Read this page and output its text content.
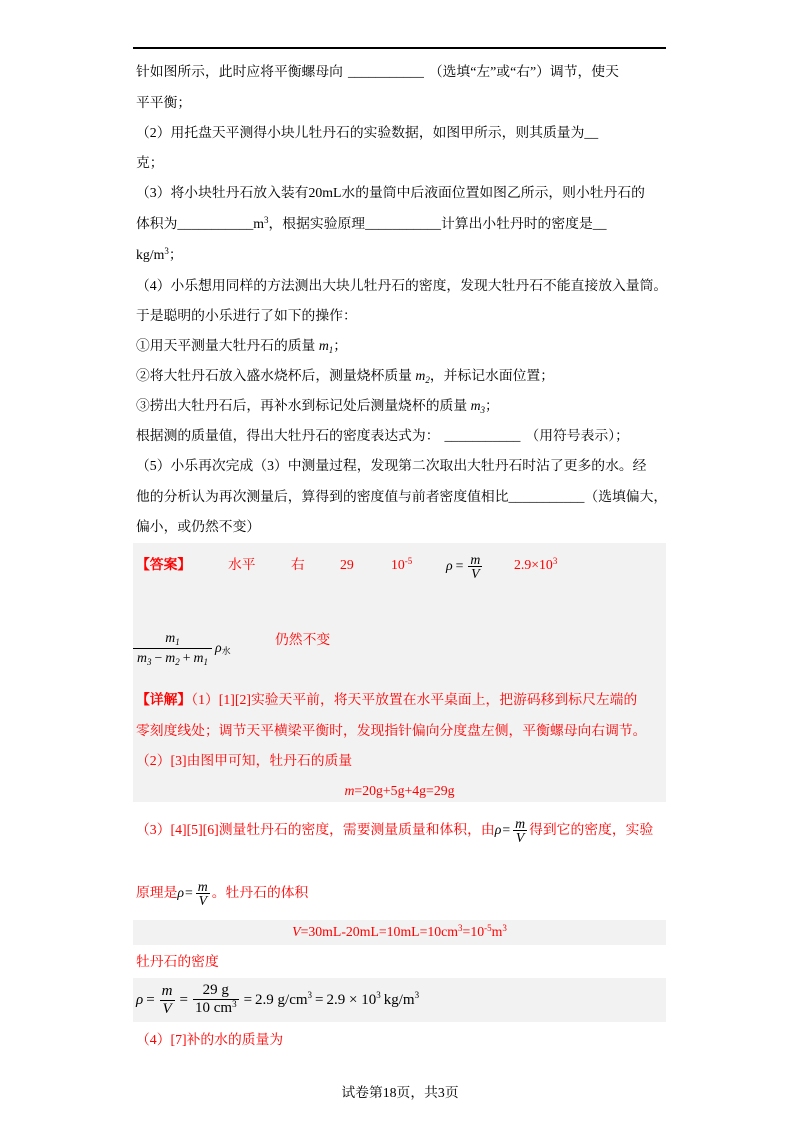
针如图所示，此时应将平衡螺母向 ___________ （选填“左”或“右”）调节，使天
平平衡；
（2）用托盘天平测得小块儿牡丹石的实验数据，如图甲所示，则其质量为__
克；
（3）将小块牡丹石放入装有20mL水的量筒中后液面位置如图乙所示，则小牡丹石的
体积为$\_\_\_\_\_\_\_\_\_\_\_m^3$，根据实验原理___________计算出小牡丹时的密度是__
$kg/m^3$；
（4）小乐想用同样的方法测出大块儿牡丹石的密度，发现大牡丹石不能直接放入量筒。
于是聪明的小乐进行了如下的操作：
①用天平测量大牡丹石的质量 $m_1$；
②将大牡丹石放入盛水烧杯后，测量烧杯质量 $m_2$，并标记水面位置；
③捞出大牡丹石后，再补水到标记处后测量烧杯的质量 $m_3$；
根据测的质量值，得出大牡丹石的密度表达式为： ___________ （用符号表示）；
（5）小乐再次完成（3）中测量过程，发现第二次取出大牡丹石时沾了更多的水。经
他的分析认为再次测量后，算得到的密度值与前者密度值相比___________（选填偏大，
偏小，或仍然不变）
【答案】	水平	右	29	$10^{-5}$ $\rho = \frac{m}{V} 2.9\times 10^3$
$\frac{m_1}{m_3 - m_2 + m_1}$ ρ 水
仍然不变
【详解】（1）[1][2]实验天平前，将天平放置在水平桌面上，把游码移到标尺左端的
零刻度线处；调节天平横梁平衡时，发现指针偏向分度盘左侧，平衡螺母向右调节。
（2）[3]由图甲可知，牡丹石的质量
m=20g+5g+4g=29g
（3）[4][5][6]测量牡丹石的密度，需要测量质量和体积，由 $\rho = \frac{m}{V}$ 得到它的密度，实验
原理是 $\rho = \frac{m}{V}$ 。牡丹石的体积
$V=30mL-20mL=10mL=10cm^3=10^{-5}m^3$
牡丹石的密度
$\rho = \frac{m}{V} = \frac{29 g}{10 cm^3} = 2.9$ g/cm 3 = 2.9 × 10 3 kg/m 3
（4）[7]补的水的质量为
试卷第18页，共3页
